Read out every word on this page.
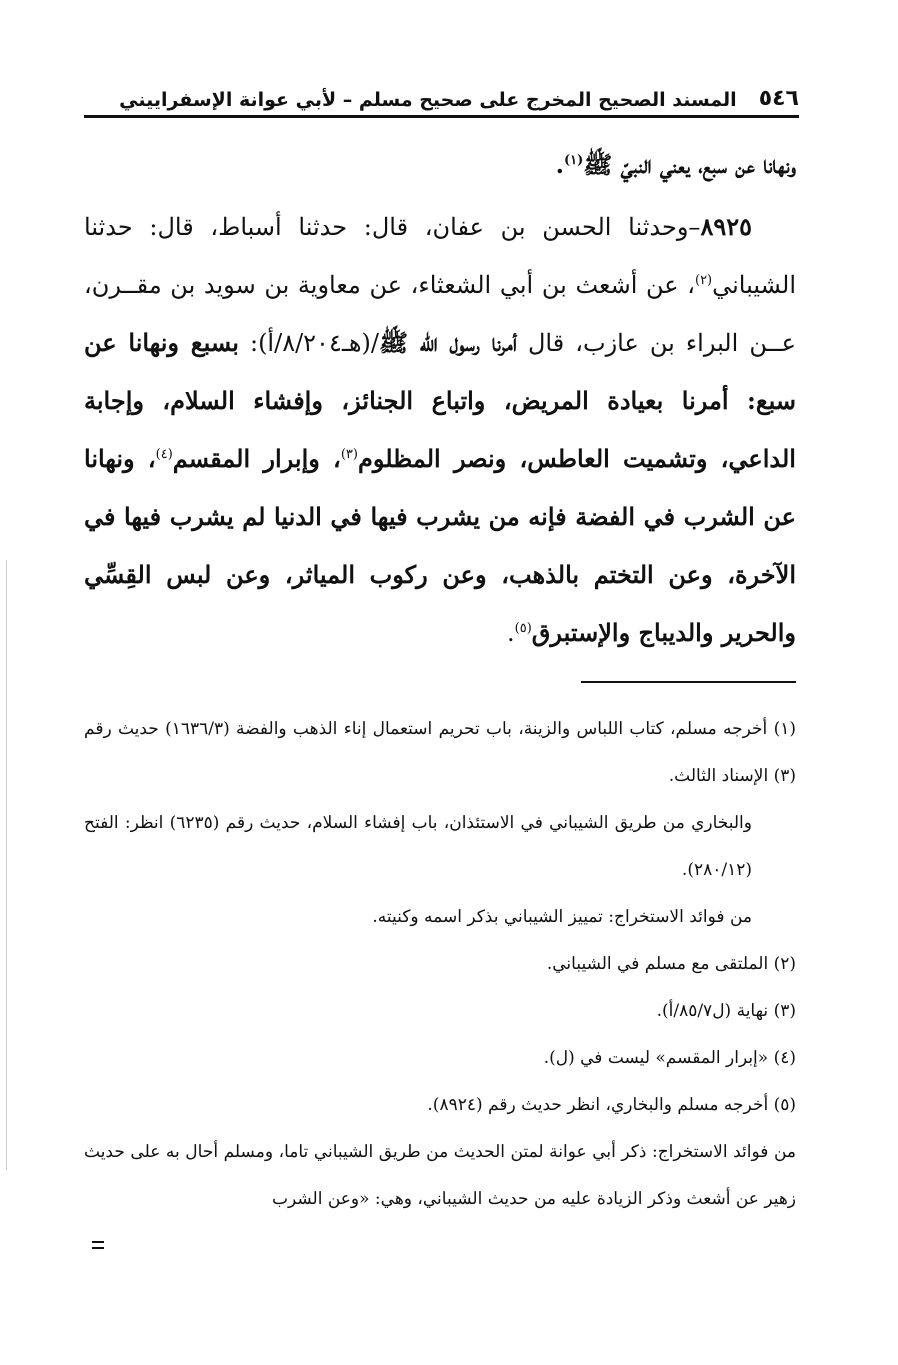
٥٤٦
المسند الصحيح المخرج على صحيح مسلم – لأبي عوانة الإسفراييني

ونهانا عن سبع، يعني النبيّ ﷺ$^{(١)}$.

٨٩٢٥–وحدثنا الحسن بن عفان، قال: حدثنا أسباط، قال: حدثنا الشيباني$^{(٢)}$، عن أشعث بن أبي الشعثاء، عن معاوية بن سويد بن مقــرن، عــن البراء بن عازب، قال أمرنا رسول الله ﷺ/(هـ٨/٢٠٤/أ): بسبع ونهانا عن سبع: أمرنا بعيادة المريض، واتباع الجنائز، وإفشاء السلام، وإجابة الداعي، وتشميت العاطس، ونصر المظلوم$^{(٣)}$، وإبرار المقسم$^{(٤)}$، ونهانا عن الشرب في الفضة فإنه من يشرب فيها في الدنيا لم يشرب فيها في الآخرة، وعن التختم بالذهب، وعن ركوب المياثر، وعن لبس القِسِّي والحرير والديباج والإستبرق$^{(٥)}$.

(١) أخرجه مسلم، كتاب اللباس والزينة، باب تحريم استعمال إناء الذهب والفضة (١٦٣٦/٣) حديث رقم (٣) الإسناد الثالث.

والبخاري من طريق الشيباني في الاستئذان، باب إفشاء السلام، حديث رقم (٦٢٣٥) انظر: الفتح (٢٨٠/١٢).

من فوائد الاستخراج: تمييز الشيباني بذكر اسمه وكنيته.

(٢) الملتقى مع مسلم في الشيباني.

(٣) نهاية (ل٨٥/٧/أ).

(٤) «إبرار المقسم» ليست في (ل).

(٥) أخرجه مسلم والبخاري، انظر حديث رقم (٨٩٢٤).

من فوائد الاستخراج: ذكر أبي عوانة لمتن الحديث من طريق الشيباني تاما، ومسلم أحال به على حديث زهير عن أشعث وذكر الزيادة عليه من حديث الشيباني، وهي: «وعن الشرب
